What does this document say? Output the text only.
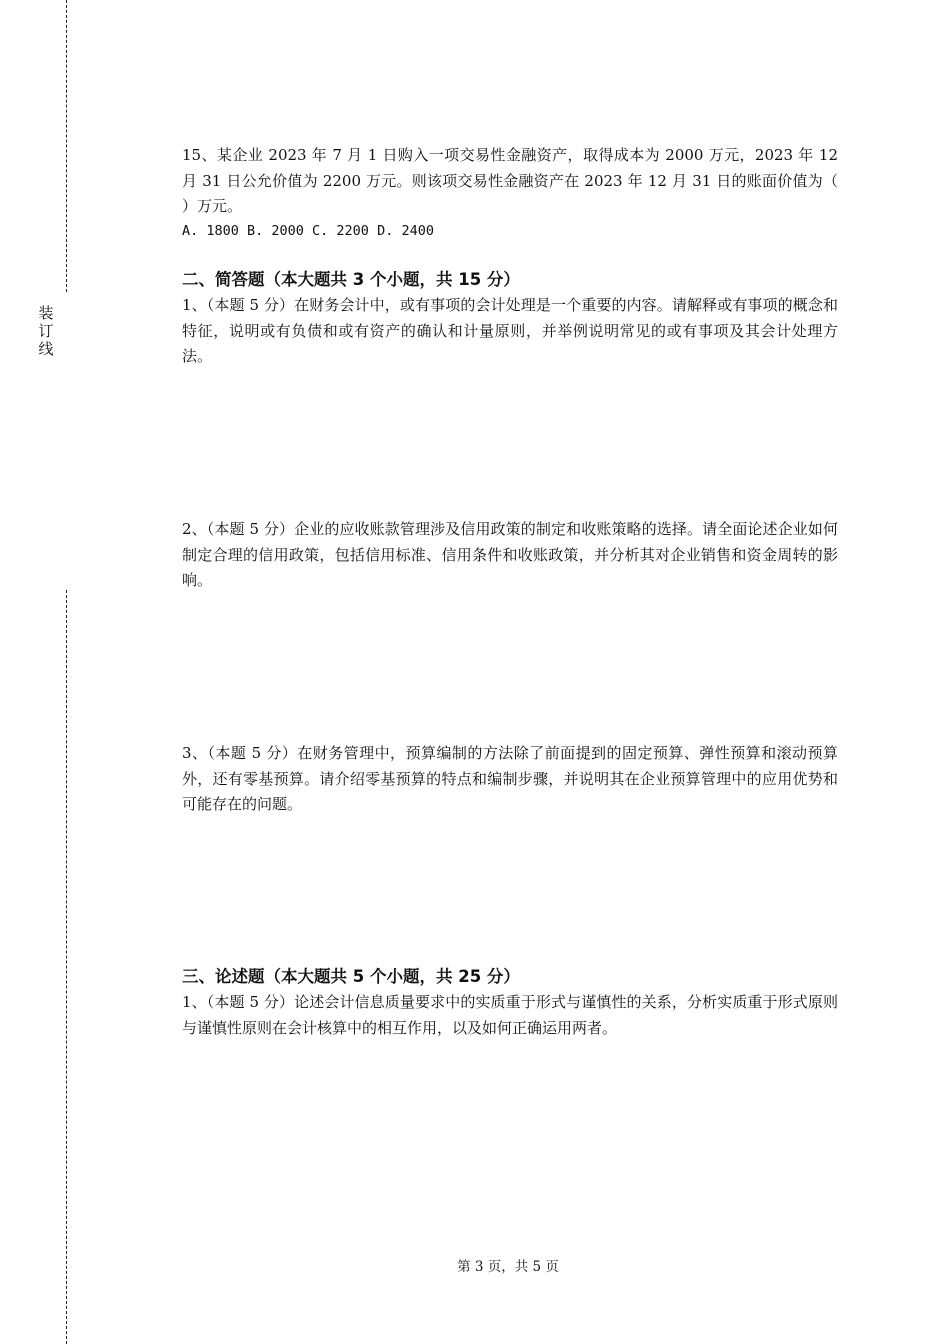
装订线

15、某企业 2023 年 7 月 1 日购入一项交易性金融资产，取得成本为 2000 万元，2023 年 12 月 31 日公允价值为 2200 万元。则该项交易性金融资产在 2023 年 12 月 31 日的账面价值为（ ）万元。

A. 1800 B. 2000 C. 2200 D. 2400

二、简答题（本大题共 3 个小题，共 15 分）

1、（本题 5 分）在财务会计中，或有事项的会计处理是一个重要的内容。请解释或有事项的概念和特征，说明或有负债和或有资产的确认和计量原则，并举例说明常见的或有事项及其会计处理方法。

2、（本题 5 分）企业的应收账款管理涉及信用政策的制定和收账策略的选择。请全面论述企业如何制定合理的信用政策，包括信用标准、信用条件和收账政策，并分析其对企业销售和资金周转的影响。

3、（本题 5 分）在财务管理中，预算编制的方法除了前面提到的固定预算、弹性预算和滚动预算外，还有零基预算。请介绍零基预算的特点和编制步骤，并说明其在企业预算管理中的应用优势和可能存在的问题。

三、论述题（本大题共 5 个小题，共 25 分）

1、（本题 5 分）论述会计信息质量要求中的实质重于形式与谨慎性的关系，分析实质重于形式原则与谨慎性原则在会计核算中的相互作用，以及如何正确运用两者。

第 3 页，共 5 页
